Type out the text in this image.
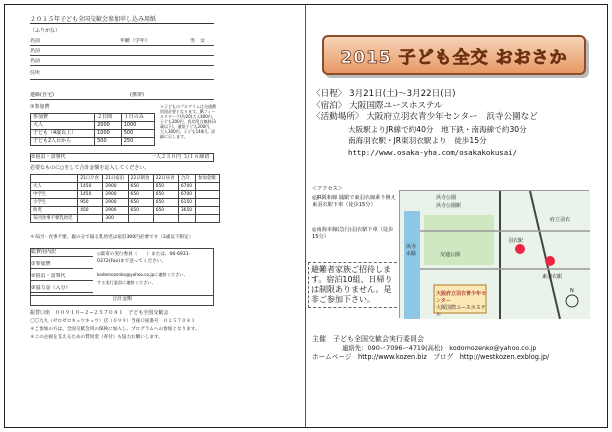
２０１５年子ども全国交歓会参加申し込み用紙
（ふりがな）
名前	年齢（学年）	男　女
名前
名前
住所
連絡(自宅)	(携帯)
①参加費
参加費	２日間	１日のみ
大人	2000	1000
子ども（4歳以上）	1000	500
子ども2人目から	500	250
＊子どものプログラムは交通費別途必要となります。JRフィールドワーク(約20)大人400円、子ども200円、乳幼児は無料(3歳以下)、通常子ども200円、大人300円、子ども140円。詳細に示します。
②宿泊・食事代	一人２５０円 ３/１６締切
必要なものに○をして合計金額を記入してください。
	21日夕食	21日宿泊	22日朝食	22日昼食	合計	参加金額
大人	1450	2900	650	650	6700	
中学生	1450	2900	650	650	6700	
小学生	950	2900	650	650	6150	
幼児	450	2900	650	650	3650	
布団食事不要乳幼児		300				
＊布団・食事不要、親の分で寝る乳幼児は宿泊300円必要です（3歳以下限定）
総費用内訳
①参加費
②宿泊・食事代
③協力金（入分）
◇最寄の実行委員（　　）または、06-6931-0372(Fax)まで送ってください。
kodomozenko@yahoo.co.jpに連絡ください。
する実行委員に連絡ください。
合計金額
振替口座　００９１０−２−２５７０８１　子ども全国交歓会
〇〇九九（ゼロゼロキュウキュウ）店（０９９）当座口座番号　０２５７０８１
＊ご参加の方は、全国交歓会用の保険に加入し、プログラムへの参加となります。
＊この企画を支えるための賛同金（寄付）も協力お願いします。
2015 子ども全交 おおさか
〈日程〉 3月21日(土)〜3月22日(日)
〈宿泊〉 大阪国際ユースホステル
〈活動場所〉 大阪府立羽衣青少年センター　浜寺公園など
大阪駅よりJR線で約40分　地下鉄・南海線で約30分
南海羽衣駅・JR東羽衣駅より　徒歩15分
http://www.osaka-yha.com/osakakokusai/
＜アクセス＞
◎JR阪和線 鳳駅で東羽衣線乗り換え東羽衣駅下車（徒歩15分）
◎南海本線(急行)羽衣駅下車（徒歩15分）
避難者家族ご招待します。宿泊10組、日帰りは制限ありません。是非ご参加下さい。
浜寺公園
浜寺公園駅
羽衣駅
東羽衣駅
大阪府立羽衣青少年センター
大阪国際ユースホステル
交通公園
府立羽衣
浜寺水路
N
主催　子ども全国交歓会実行委員会
連絡先：090ー7096ー4719(高松)　kodomozenko@yahoo.co.jp
ホームページ　http://www.kozen.biz　ブログ　http://westkozen.exblog.jp/
